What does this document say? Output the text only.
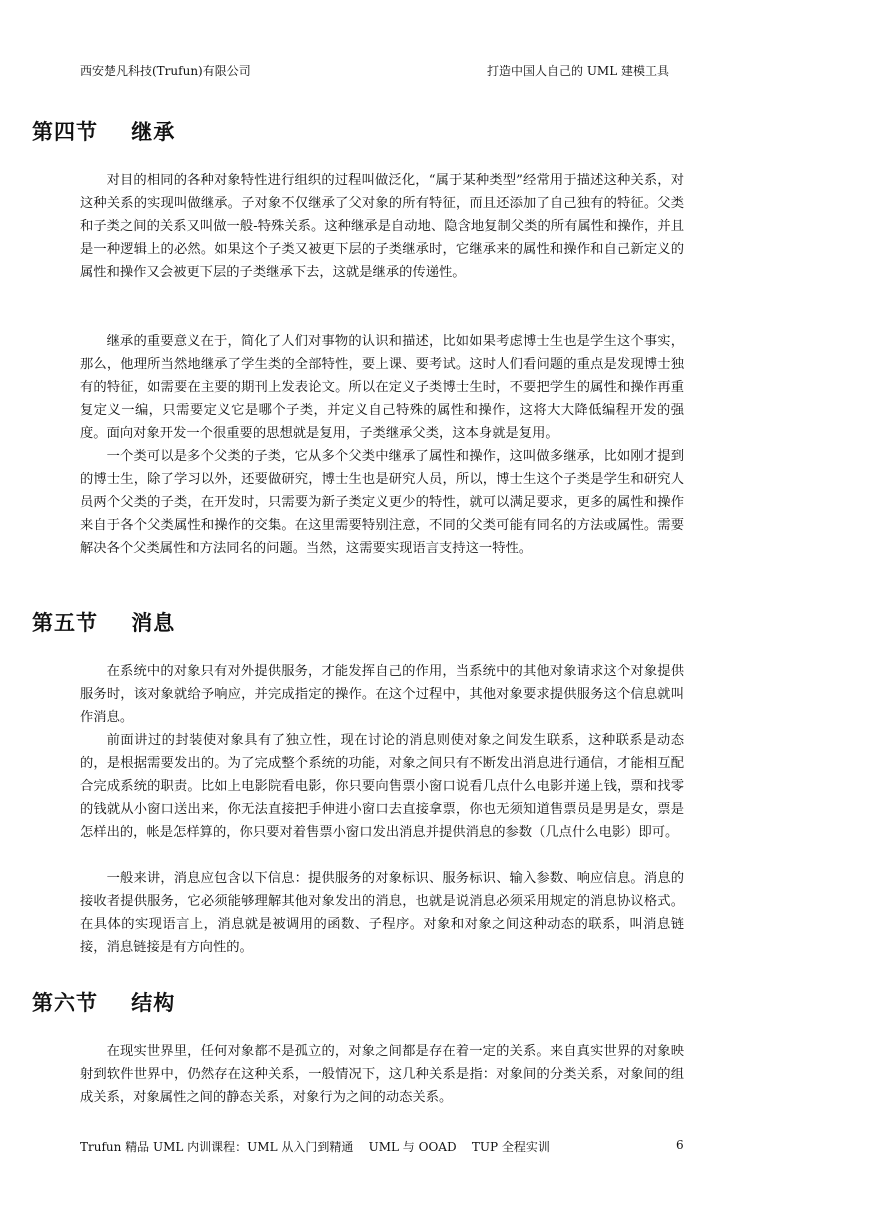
西安楚凡科技(Trufun)有限公司	打造中国人自己的 UML 建模工具
第四节    继承

对目的相同的各种对象特性进行组织的过程叫做泛化，“属于某种类型”经常用于描述这种关系，对这种关系的实现叫做继承。子对象不仅继承了父对象的所有特征，而且还添加了自己独有的特征。父类和子类之间的关系又叫做一般-特殊关系。这种继承是自动地、隐含地复制父类的所有属性和操作，并且是一种逻辑上的必然。如果这个子类又被更下层的子类继承时，它继承来的属性和操作和自己新定义的属性和操作又会被更下层的子类继承下去，这就是继承的传递性。

继承的重要意义在于，简化了人们对事物的认识和描述，比如如果考虑博士生也是学生这个事实，那么，他理所当然地继承了学生类的全部特性，要上课、要考试。这时人们看问题的重点是发现博士独有的特征，如需要在主要的期刊上发表论文。所以在定义子类博士生时，不要把学生的属性和操作再重复定义一编，只需要定义它是哪个子类，并定义自己特殊的属性和操作，这将大大降低编程开发的强度。面向对象开发一个很重要的思想就是复用，子类继承父类，这本身就是复用。

一个类可以是多个父类的子类，它从多个父类中继承了属性和操作，这叫做多继承，比如刚才提到的博士生，除了学习以外，还要做研究，博士生也是研究人员，所以，博士生这个子类是学生和研究人员两个父类的子类，在开发时，只需要为新子类定义更少的特性，就可以满足要求，更多的属性和操作来自于各个父类属性和操作的交集。在这里需要特别注意，不同的父类可能有同名的方法或属性。需要解决各个父类属性和方法同名的问题。当然，这需要实现语言支持这一特性。

第五节    消息

在系统中的对象只有对外提供服务，才能发挥自己的作用，当系统中的其他对象请求这个对象提供服务时，该对象就给予响应，并完成指定的操作。在这个过程中，其他对象要求提供服务这个信息就叫作消息。

前面讲过的封装使对象具有了独立性，现在讨论的消息则使对象之间发生联系，这种联系是动态的，是根据需要发出的。为了完成整个系统的功能，对象之间只有不断发出消息进行通信，才能相互配合完成系统的职责。比如上电影院看电影，你只要向售票小窗口说看几点什么电影并递上钱，票和找零的钱就从小窗口送出来，你无法直接把手伸进小窗口去直接拿票，你也无须知道售票员是男是女，票是怎样出的，帐是怎样算的，你只要对着售票小窗口发出消息并提供消息的参数（几点什么电影）即可。

一般来讲，消息应包含以下信息：提供服务的对象标识、服务标识、输入参数、响应信息。消息的接收者提供服务，它必须能够理解其他对象发出的消息，也就是说消息必须采用规定的消息协议格式。在具体的实现语言上，消息就是被调用的函数、子程序。对象和对象之间这种动态的联系，叫消息链接，消息链接是有方向性的。

第六节    结构

在现实世界里，任何对象都不是孤立的，对象之间都是存在着一定的关系。来自真实世界的对象映射到软件世界中，仍然存在这种关系，一般情况下，这几种关系是指：对象间的分类关系，对象间的组成关系，对象属性之间的静态关系，对象行为之间的动态关系。

Trufun 精品 UML 内训课程：UML 从入门到精通    UML 与 OOAD    TUP 全程实训	6
